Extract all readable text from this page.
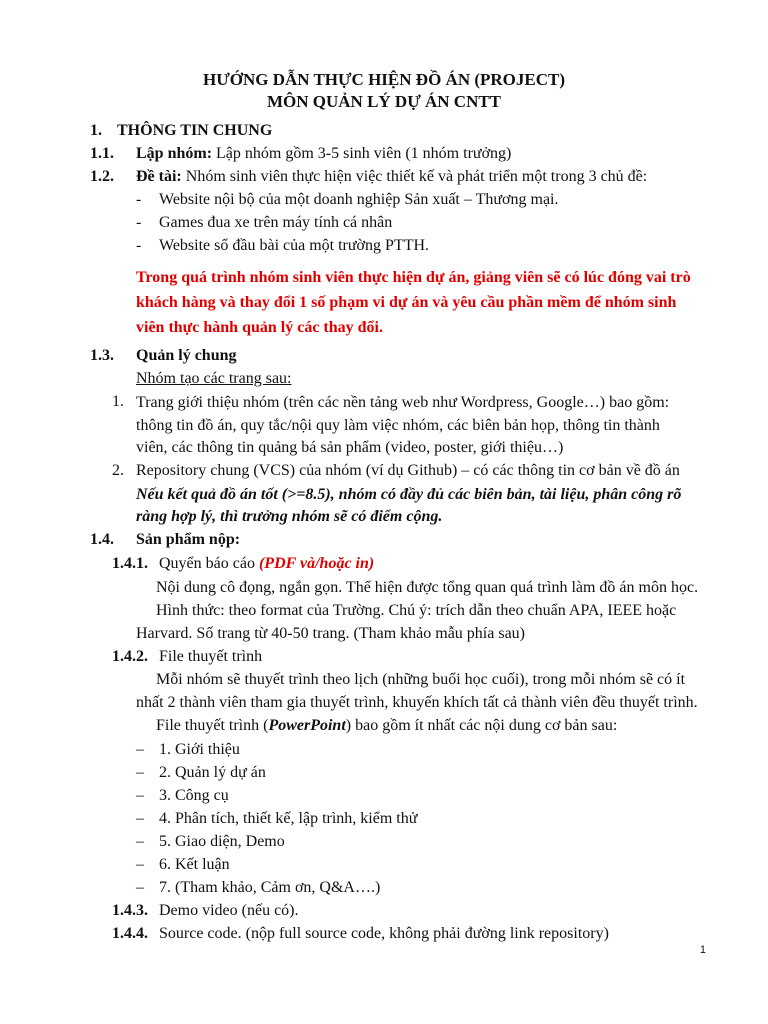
HƯỚNG DẪN THỰC HIỆN ĐỒ ÁN (PROJECT)
MÔN QUẢN LÝ DỰ ÁN CNTT
1. THÔNG TIN CHUNG
1.1. Lập nhóm: Lập nhóm gồm 3-5 sinh viên (1 nhóm trưởng)
1.2. Đề tài: Nhóm sinh viên thực hiện việc thiết kế và phát triển một trong 3 chủ đề:
- Website nội bộ của một doanh nghiệp Sản xuất – Thương mại.
- Games đua xe trên máy tính cá nhân
- Website sổ đầu bài của một trường PTTH.
Trong quá trình nhóm sinh viên thực hiện dự án, giảng viên sẽ có lúc đóng vai trò
khách hàng và thay đổi 1 số phạm vi dự án và yêu cầu phần mềm để nhóm sinh
viên thực hành quản lý các thay đổi.
1.3. Quản lý chung
Nhóm tạo các trang sau:
1. Trang giới thiệu nhóm (trên các nền tảng web như Wordpress, Google…) bao gồm:
thông tin đồ án, quy tắc/nội quy làm việc nhóm, các biên bản họp, thông tin thành
viên, các thông tin quảng bá sản phẩm (video, poster, giới thiệu…)
2. Repository chung (VCS) của nhóm (ví dụ Github) – có các thông tin cơ bản về đồ án
Nếu kết quả đồ án tốt (>=8.5), nhóm có đầy đủ các biên bản, tài liệu, phân công rõ
ràng hợp lý, thì trưởng nhóm sẽ có điểm cộng.
1.4. Sản phẩm nộp:
1.4.1. Quyển báo cáo (PDF và/hoặc in)
Nội dung cô đọng, ngắn gọn. Thể hiện được tổng quan quá trình làm đồ án môn học.
Hình thức: theo format của Trường. Chú ý: trích dẫn theo chuẩn APA, IEEE hoặc
Harvard. Số trang từ 40-50 trang. (Tham khảo mẫu phía sau)
1.4.2. File thuyết trình
Mỗi nhóm sẽ thuyết trình theo lịch (những buổi học cuối), trong mỗi nhóm sẽ có ít
nhất 2 thành viên tham gia thuyết trình, khuyến khích tất cả thành viên đều thuyết trình.
File thuyết trình (PowerPoint) bao gồm ít nhất các nội dung cơ bản sau:
– 1. Giới thiệu
– 2. Quản lý dự án
– 3. Công cụ
– 4. Phân tích, thiết kế, lập trình, kiểm thử
– 5. Giao diện, Demo
– 6. Kết luận
– 7. (Tham khảo, Cảm ơn, Q&A….)
1.4.3. Demo video (nếu có).
1.4.4. Source code. (nộp full source code, không phải đường link repository)
1
